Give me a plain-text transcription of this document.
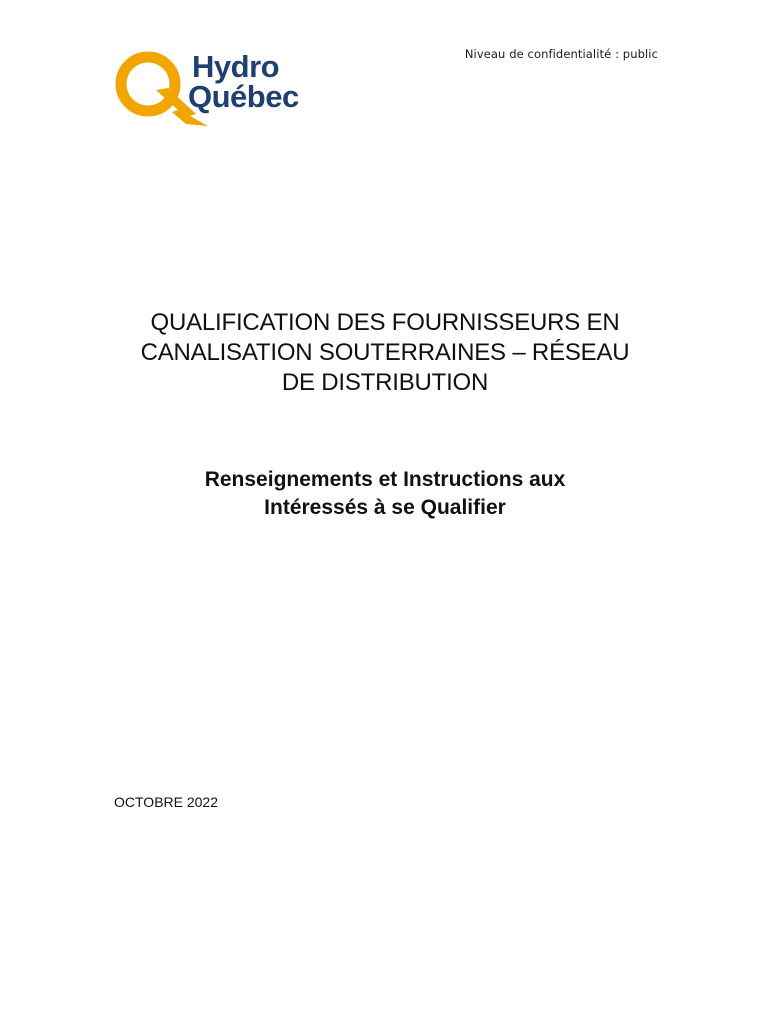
Niveau de confidentialité : public
Hydro
Québec
QUALIFICATION DES FOURNISSEURS EN
CANALISATION SOUTERRAINES – RÉSEAU
DE DISTRIBUTION
Renseignements et Instructions aux
Intéressés à se Qualifier
OCTOBRE 2022
